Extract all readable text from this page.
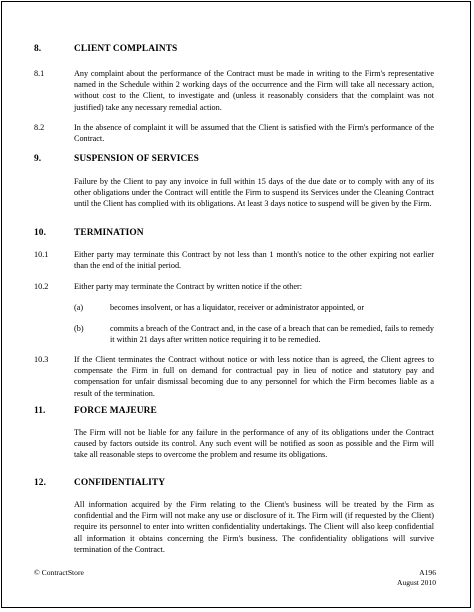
8.	CLIENT COMPLAINTS
8.1	Any complaint about the performance of the Contract must be made in writing to the Firm's representative named in the Schedule within 2 working days of the occurrence and the Firm will take all necessary action, without cost to the Client, to investigate and (unless it reasonably considers that the complaint was not justified) take any necessary remedial action.
8.2	In the absence of complaint it will be assumed that the Client is satisfied with the Firm's performance of the Contract.
9.	SUSPENSION OF SERVICES
Failure by the Client to pay any invoice in full within 15 days of the due date or to comply with any of its other obligations under the Contract will entitle the Firm to suspend its Services under the Cleaning Contract until the Client has complied with its obligations. At least 3 days notice to suspend will be given by the Firm.
10.	TERMINATION
10.1	Either party may terminate this Contract by not less than 1 month's notice to the other expiring not earlier than the end of the initial period.
10.2	Either party may terminate the Contract by written notice if the other:
(a)	becomes insolvent, or has a liquidator, receiver or administrator appointed, or
(b)	commits a breach of the Contract and, in the case of a breach that can be remedied, fails to remedy it within 21 days after written notice requiring it to be remedied.
10.3	If the Client terminates the Contract without notice or with less notice than is agreed, the Client agrees to compensate the Firm in full on demand for contractual pay in lieu of notice and statutory pay and compensation for unfair dismissal becoming due to any personnel for which the Firm becomes liable as a result of the termination.
11.	FORCE MAJEURE
The Firm will not be liable for any failure in the performance of any of its obligations under the Contract caused by factors outside its control. Any such event will be notified as soon as possible and the Firm will take all reasonable steps to overcome the problem and resume its obligations.
12.	CONFIDENTIALITY
All information acquired by the Firm relating to the Client's business will be treated by the Firm as confidential and the Firm will not make any use or disclosure of it. The Firm will (if requested by the Client) require its personnel to enter into written confidentiality undertakings. The Client will also keep confidential all information it obtains concerning the Firm's business. The confidentiality obligations will survive termination of the Contract.
© ContractStore	A196
August 2010
